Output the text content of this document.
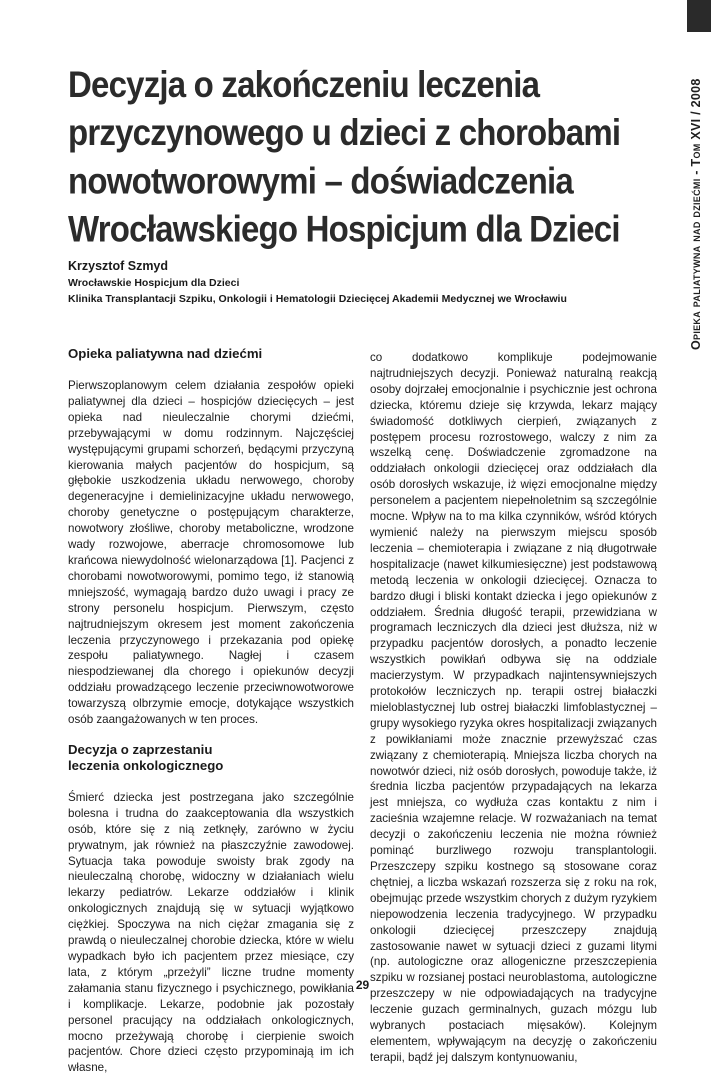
Opieka paliatywna nad dziećmi - Tom XVI / 2008
Decyzja o zakończeniu leczenia przyczynowego u dzieci z chorobami nowotworowymi – doświadczenia Wrocławskiego Hospicjum dla Dzieci
Krzysztof Szmyd
Wrocławskie Hospicjum dla Dzieci
Klinika Transplantacji Szpiku, Onkologii i Hematologii Dziecięcej Akademii Medycznej we Wrocławiu
Opieka paliatywna nad dziećmi

Pierwszoplanowym celem działania zespołów opieki paliatywnej dla dzieci – hospicjów dziecięcych – jest opieka nad nieuleczalnie chorymi dziećmi, przebywającymi w domu rodzinnym. Najczęściej występującymi grupami schorzeń, będącymi przyczyną kierowania małych pacjentów do hospicjum, są głębokie uszkodzenia układu nerwowego, choroby degeneracyjne i demielinizacyjne układu nerwowego, choroby genetyczne o postępującym charakterze, nowotwory złośliwe, choroby metaboliczne, wrodzone wady rozwojowe, aberracje chromosomowe lub krańcowa niewydolność wielonarządowa [1]. Pacjenci z chorobami nowotworowymi, pomimo tego, iż stanowią mniejszość, wymagają bardzo dużo uwagi i pracy ze strony personelu hospicjum. Pierwszym, często najtrudniejszym okresem jest moment zakończenia leczenia przyczynowego i przekazania pod opiekę zespołu paliatywnego. Nagłej i czasem niespodziewanej dla chorego i opiekunów decyzji oddziału prowadzącego leczenie przeciwnowotworowe towarzyszą olbrzymie emocje, dotykające wszystkich osób zaangażowanych w ten proces.

Decyzja o zaprzestaniu
leczenia onkologicznego

Śmierć dziecka jest postrzegana jako szczególnie bolesna i trudna do zaakceptowania dla wszystkich osób, które się z nią zetknęły, zarówno w życiu prywatnym, jak również na płaszczyźnie zawodowej. Sytuacja taka powoduje swoisty brak zgody na nieuleczalną chorobę, widoczny w działaniach wielu lekarzy pediatrów. Lekarze oddziałów i klinik onkologicznych znajdują się w sytuacji wyjątkowo ciężkiej. Spoczywa na nich ciężar zmagania się z prawdą o nieuleczalnej chorobie dziecka, które w wielu wypadkach było ich pacjentem przez miesiące, czy lata, z którym „przeżyli” liczne trudne momenty załamania stanu fizycznego i psychicznego, powikłania i komplikacje. Lekarze, podobnie jak pozostały personel pracujący na oddziałach onkologicznych, mocno przeżywają chorobę i cierpienie swoich pacjentów. Chore dzieci często przypominają im ich własne,

co dodatkowo komplikuje podejmowanie najtrudniejszych decyzji. Ponieważ naturalną reakcją osoby dojrzałej emocjonalnie i psychicznie jest ochrona dziecka, któremu dzieje się krzywda, lekarz mający świadomość dotkliwych cierpień, związanych z postępem procesu rozrostowego, walczy z nim za wszelką cenę. Doświadczenie zgromadzone na oddziałach onkologii dziecięcej oraz oddziałach dla osób dorosłych wskazuje, iż więzi emocjonalne między personelem a pacjentem niepełnoletnim są szczególnie mocne. Wpływ na to ma kilka czynników, wśród których wymienić należy na pierwszym miejscu sposób leczenia – chemioterapia i związane z nią długotrwałe hospitalizacje (nawet kilkumiesięczne) jest podstawową metodą leczenia w onkologii dziecięcej. Oznacza to bardzo długi i bliski kontakt dziecka i jego opiekunów z oddziałem. Średnia długość terapii, przewidziana w programach leczniczych dla dzieci jest dłuższa, niż w przypadku pacjentów dorosłych, a ponadto leczenie wszystkich powikłań odbywa się na oddziale macierzystym. W przypadkach najintensywniejszych protokołów leczniczych np. terapii ostrej białaczki mieloblastycznej lub ostrej białaczki limfoblastycznej – grupy wysokiego ryzyka okres hospitalizacji związanych z powikłaniami może znacznie przewyższać czas związany z chemioterapią. Mniejsza liczba chorych na nowotwór dzieci, niż osób dorosłych, powoduje także, iż średnia liczba pacjentów przypadających na lekarza jest mniejsza, co wydłuża czas kontaktu z nim i zacieśnia wzajemne relacje. W rozważaniach na temat decyzji o zakończeniu leczenia nie można również pominąć burzliwego rozwoju transplantologii. Przeszczepy szpiku kostnego są stosowane coraz chętniej, a liczba wskazań rozszerza się z roku na rok, obejmując przede wszystkim chorych z dużym ryzykiem niepowodzenia leczenia tradycyjnego. W przypadku onkologii dziecięcej przeszczepy znajdują zastosowanie nawet w sytuacji dzieci z guzami litymi (np. autologiczne oraz allogeniczne przeszczepienia szpiku w rozsianej postaci neuroblastoma, autologiczne przeszczepy w nie odpowiadających na tradycyjne leczenie guzach germinalnych, guzach mózgu lub wybranych postaciach mięsaków). Kolejnym elementem, wpływającym na decyzję o zakończeniu terapii, bądź jej dalszym kontynuowaniu,

29
